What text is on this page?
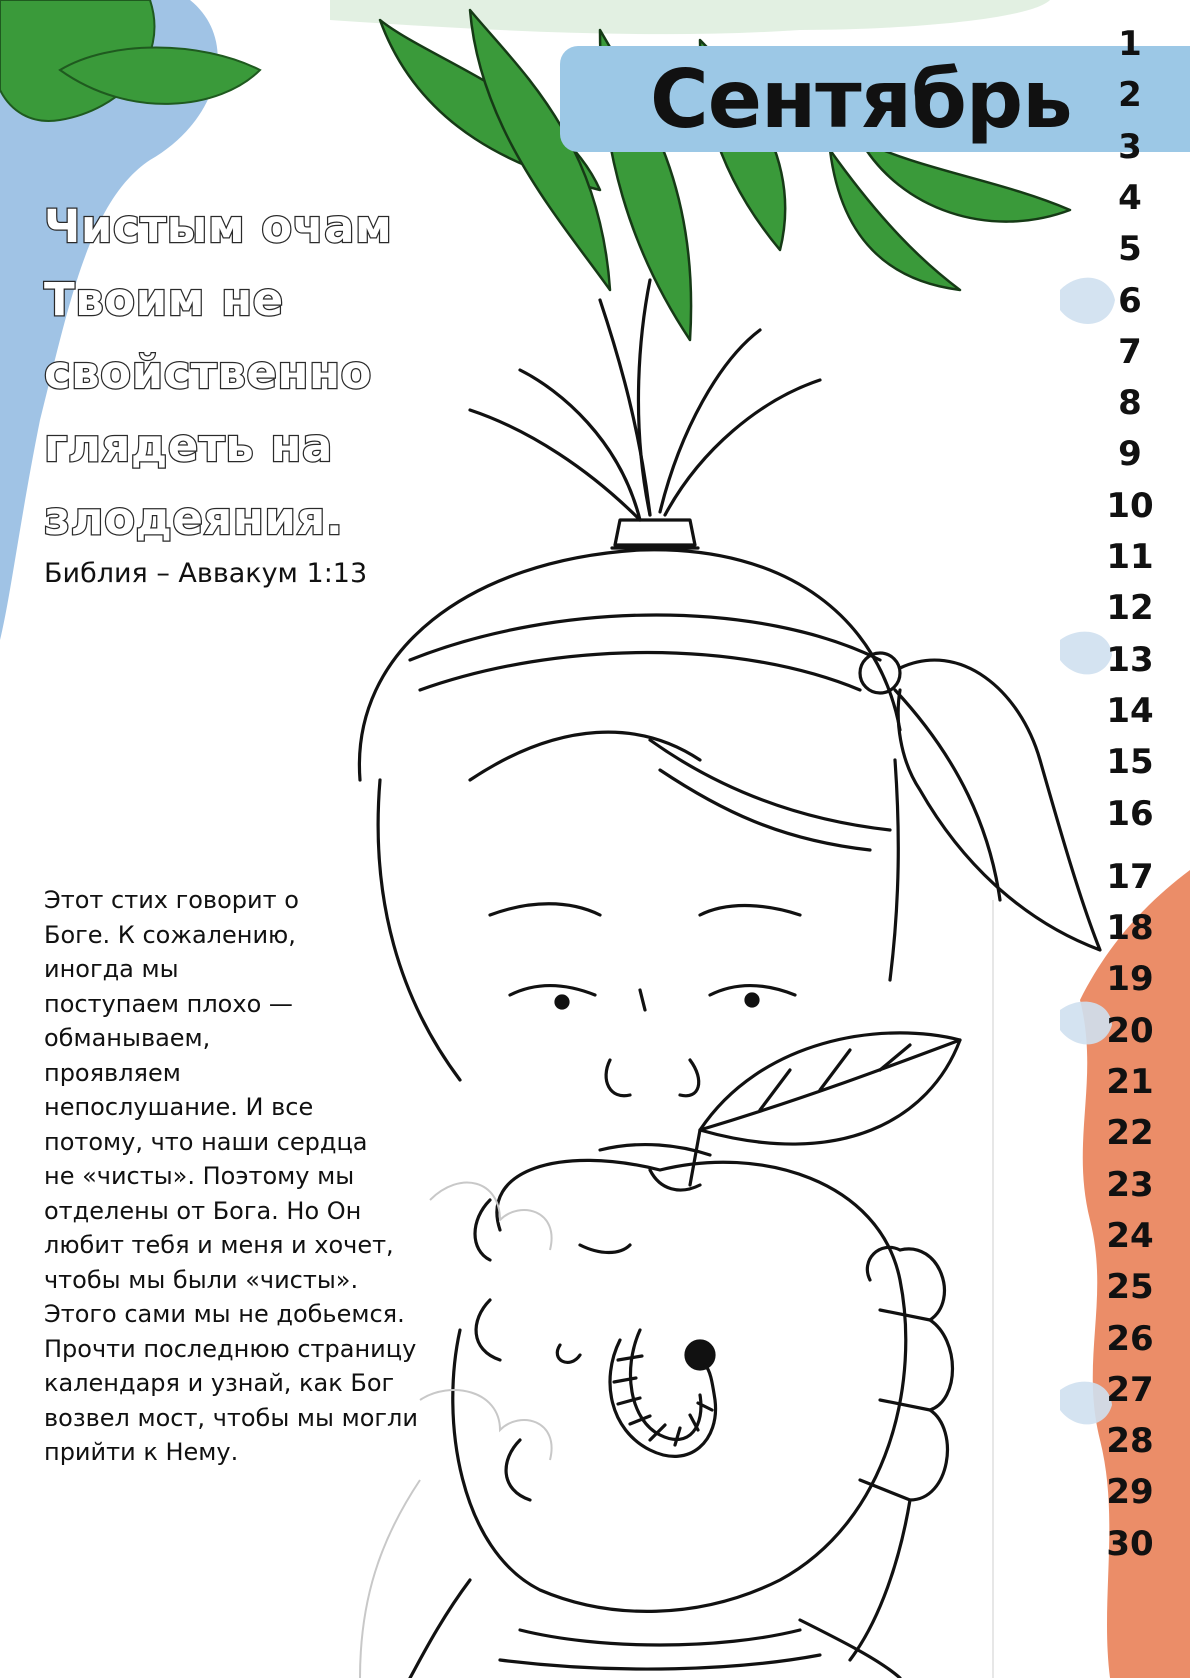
Сентябрь
Чистым очам
Твоим не
свойственно
глядеть на
злодеяния.
Библия – Аввакум 1:13

Этот стих говорит о
Боге. К сожалению,
иногда мы
поступаем плохо —
обманываем,
проявляем
непослушание. И все
потому, что наши сердца
не «чисты». Поэтому мы
отделены от Бога. Но Он
любит тебя и меня и хочет,
чтобы мы были «чисты».
Этого сами мы не добьемся.
Прочти последнюю страницу
календаря и узнай, как Бог
возвел мост, чтобы мы могли
прийти к Нему.

1
2
3
4
5
6
7
8
9
10
11
12
13
14
15
16
17
18
19
20
21
22
23
24
25
26
27
28
29
30
